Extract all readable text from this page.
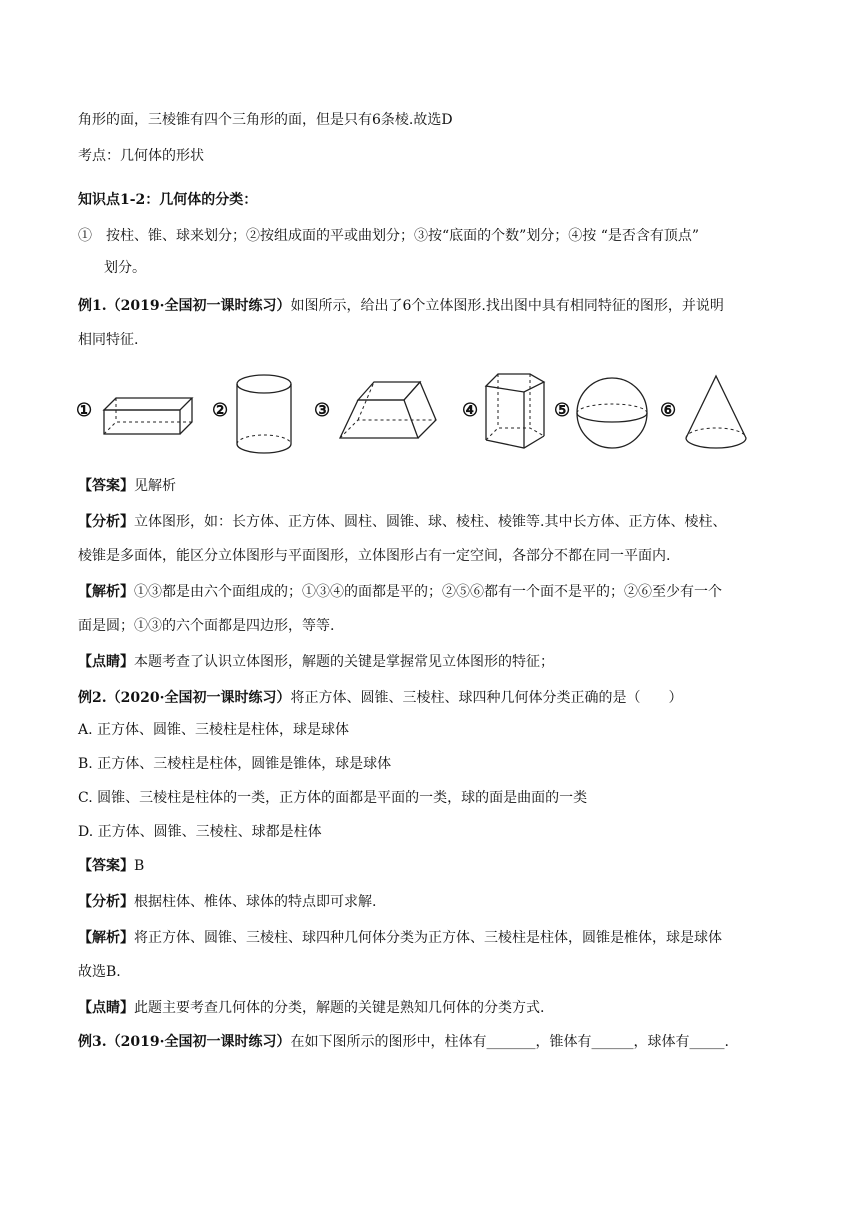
角形的面，三棱锥有四个三角形的面，但是只有6条棱.故选D
考点：几何体的形状
知识点1-2：几何体的分类：
①　按柱、锥、球来划分；②按组成面的平或曲划分；③按“底面的个数”划分；④按 “是否含有顶点”
划分。
例1.（2019·全国初一课时练习）如图所示，给出了6个立体图形.找出图中具有相同特征的图形，并说明
相同特征.
①	②	③	④	⑤	⑥
【答案】见解析
【分析】立体图形，如：长方体、正方体、圆柱、圆锥、球、棱柱、棱锥等.其中长方体、正方体、棱柱、
棱锥是多面体，能区分立体图形与平面图形，立体图形占有一定空间，各部分不都在同一平面内.
【解析】①③都是由六个面组成的；①③④的面都是平的；②⑤⑥都有一个面不是平的；②⑥至少有一个
面是圆；①③的六个面都是四边形，等等.
【点睛】本题考查了认识立体图形，解题的关键是掌握常见立体图形的特征；
例2.（2020·全国初一课时练习）将正方体、圆锥、三棱柱、球四种几何体分类正确的是（　　）
A. 正方体、圆锥、三棱柱是柱体，球是球体
B. 正方体、三棱柱是柱体，圆锥是锥体，球是球体
C. 圆锥、三棱柱是柱体的一类，正方体的面都是平面的一类，球的面是曲面的一类
D. 正方体、圆锥、三棱柱、球都是柱体
【答案】B
【分析】根据柱体、椎体、球体的特点即可求解.
【解析】将正方体、圆锥、三棱柱、球四种几何体分类为正方体、三棱柱是柱体，圆锥是椎体，球是球体
故选B.
【点睛】此题主要考查几何体的分类，解题的关键是熟知几何体的分类方式.
例3.（2019·全国初一课时练习）在如下图所示的图形中，柱体有_______，锥体有______，球体有_____.
